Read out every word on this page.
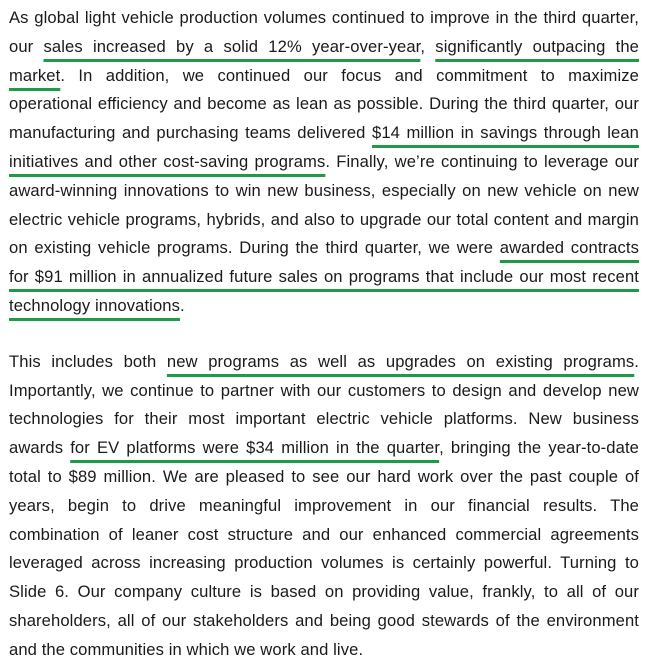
As global light vehicle production volumes continued to improve in the third quarter, our sales increased by a solid 12% year-over-year, significantly outpacing the market. In addition, we continued our focus and commitment to maximize operational efficiency and become as lean as possible. During the third quarter, our manufacturing and purchasing teams delivered $14 million in savings through lean initiatives and other cost-saving programs. Finally, we’re continuing to leverage our award-winning innovations to win new business, especially on new vehicle on new electric vehicle programs, hybrids, and also to upgrade our total content and margin on existing vehicle programs. During the third quarter, we were awarded contracts for $91 million in annualized future sales on programs that include our most recent technology innovations.

This includes both new programs as well as upgrades on existing programs. Importantly, we continue to partner with our customers to design and develop new technologies for their most important electric vehicle platforms. New business awards for EV platforms were $34 million in the quarter, bringing the year-to-date total to $89 million. We are pleased to see our hard work over the past couple of years, begin to drive meaningful improvement in our financial results. The combination of leaner cost structure and our enhanced commercial agreements leveraged across increasing production volumes is certainly powerful. Turning to Slide 6. Our company culture is based on providing value, frankly, to all of our shareholders, all of our stakeholders and being good stewards of the environment and the communities in which we work and live.
